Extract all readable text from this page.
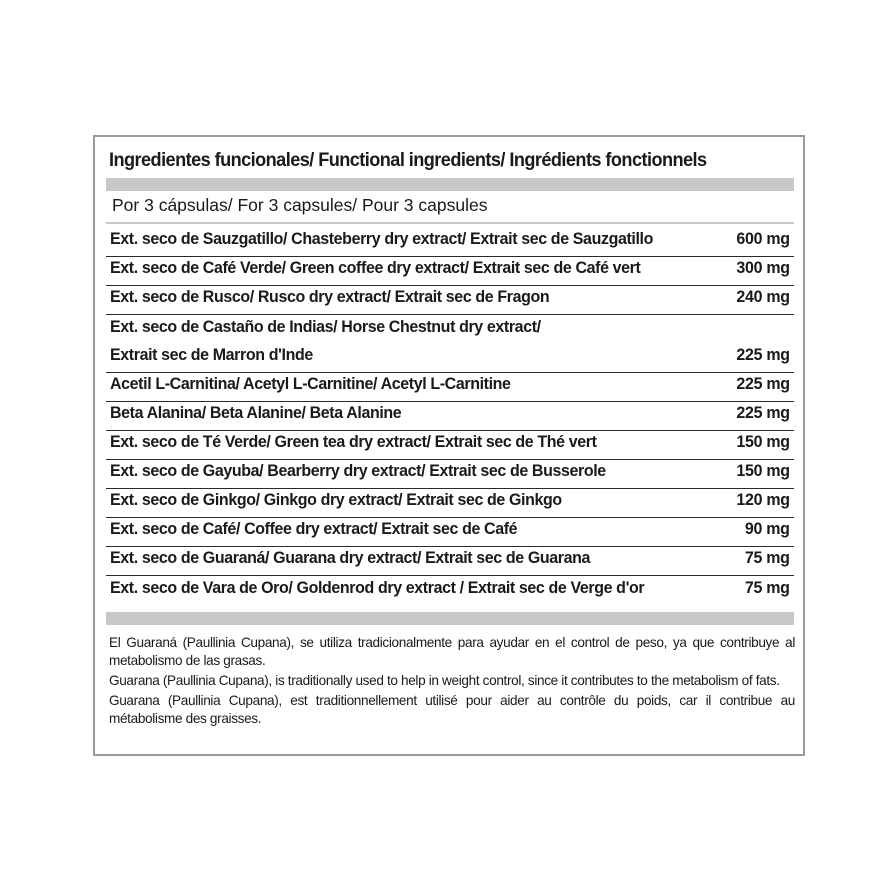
Ingredientes funcionales/ Functional ingredients/ Ingrédients fonctionnels
Por 3 cápsulas/ For 3 capsules/ Pour 3 capsules
Ext. seco de Sauzgatillo/ Chasteberry dry extract/ Extrait sec de Sauzgatillo	600 mg
Ext. seco de Café Verde/ Green coffee dry extract/ Extrait sec de Café vert	300 mg
Ext. seco de Rusco/ Rusco dry extract/ Extrait sec de Fragon	240 mg
Ext. seco de Castaño de Indias/ Horse Chestnut dry extract/
Extrait sec de Marron d'Inde	225 mg
Acetil L-Carnitina/ Acetyl L-Carnitine/ Acetyl L-Carnitine	225 mg
Beta Alanina/ Beta Alanine/ Beta Alanine	225 mg
Ext. seco de Té Verde/ Green tea dry extract/ Extrait sec de Thé vert	150 mg
Ext. seco de Gayuba/ Bearberry dry extract/ Extrait sec de Busserole	150 mg
Ext. seco de Ginkgo/ Ginkgo dry extract/ Extrait sec de Ginkgo	120 mg
Ext. seco de Café/ Coffee dry extract/ Extrait sec de Café	90 mg
Ext. seco de Guaraná/ Guarana dry extract/ Extrait sec de Guarana	75 mg
Ext. seco de Vara de Oro/ Goldenrod dry extract / Extrait sec de Verge d'or	75 mg

El Guaraná (Paullinia Cupana), se utiliza tradicionalmente para ayudar en el control de peso, ya que contribuye al metabolismo de las grasas.

Guarana (Paullinia Cupana), is traditionally used to help in weight control, since it contributes to the metabolism of fats.

Guarana (Paullinia Cupana), est traditionnellement utilisé pour aider au contrôle du poids, car il contribue au métabolisme des graisses.
